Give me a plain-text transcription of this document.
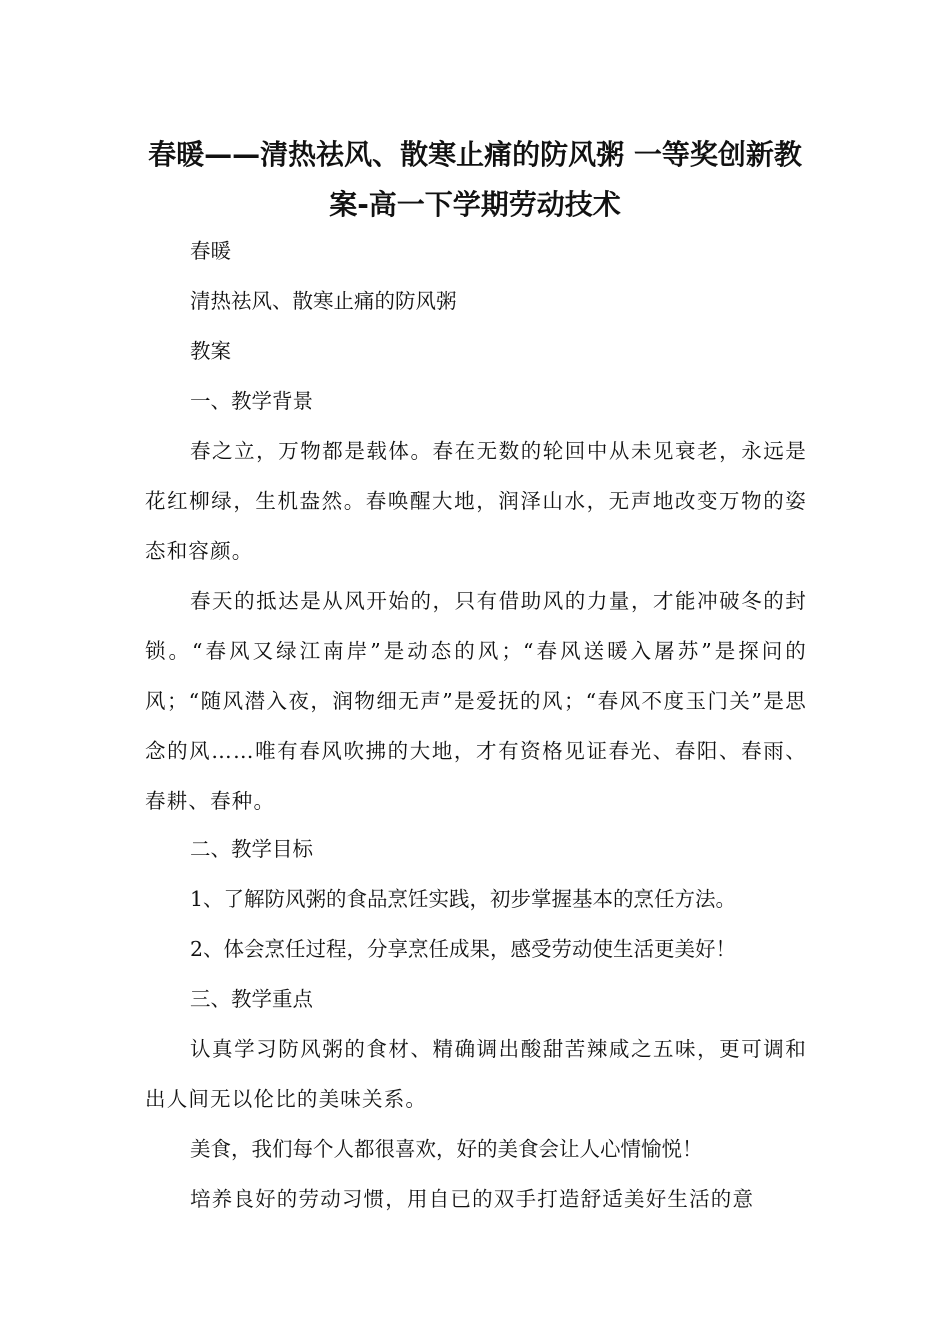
春暖——清热祛风、散寒止痛的防风粥 一等奖创新教
案-高一下学期劳动技术
春暖
清热祛风、散寒止痛的防风粥
教案
一、教学背景
春之立，万物都是载体。春在无数的轮回中从未见衰老，永远是花红柳绿，生机盎然。春唤醒大地，润泽山水，无声地改变万物的姿态和容颜。
春天的抵达是从风开始的，只有借助风的力量，才能冲破冬的封锁。“春风又绿江南岸”是动态的风；“春风送暖入屠苏”是探问的风；“随风潜入夜，润物细无声”是爱抚的风；“春风不度玉门关”是思念的风……唯有春风吹拂的大地，才有资格见证春光、春阳、春雨、春耕、春种。
二、教学目标
1、了解防风粥的食品烹饪实践，初步掌握基本的烹任方法。
2、体会烹任过程，分享烹任成果，感受劳动使生活更美好！
三、教学重点
认真学习防风粥的食材、精确调出酸甜苦辣咸之五味，更可调和出人间无以伦比的美味关系。
美食，我们每个人都很喜欢，好的美食会让人心情愉悦！
培养良好的劳动习惯，用自已的双手打造舒适美好生活的意
